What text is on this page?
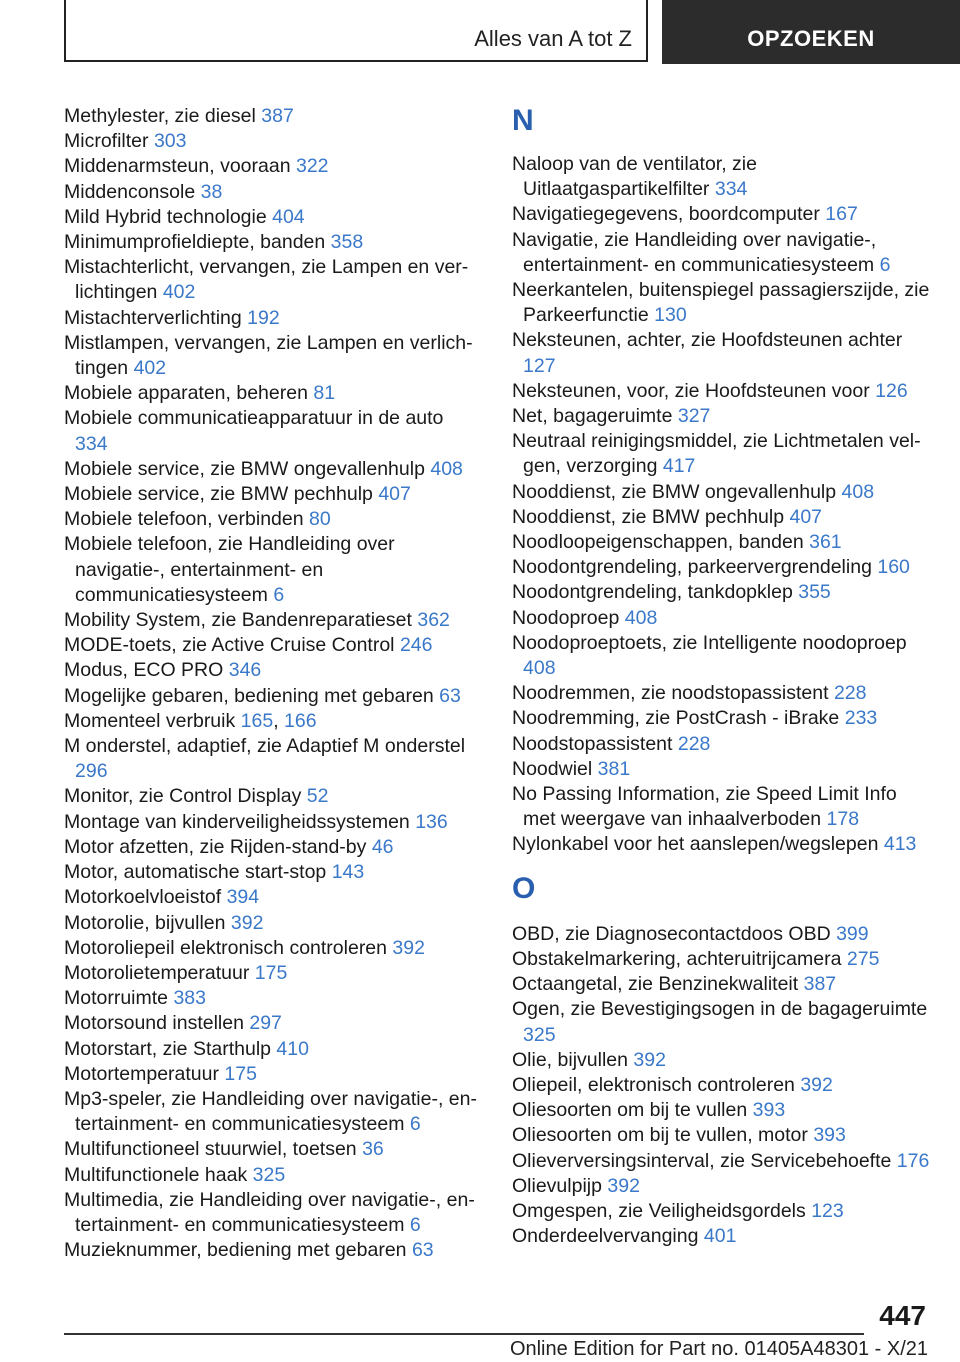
Alles van A tot Z	OPZOEKEN
Methylester, zie diesel 387
Microfilter 303
Middenarmsteun, vooraan 322
Middenconsole 38
Mild Hybrid technologie 404
Minimumprofieldiepte, banden 358
Mistachterlicht, vervangen, zie Lampen en verlichtingen 402
Mistachterverlichting 192
Mistlampen, vervangen, zie Lampen en verlichtingen 402
Mobiele apparaten, beheren 81
Mobiele communicatieapparatuur in de auto 334
Mobiele service, zie BMW ongevallenhulp 408
Mobiele service, zie BMW pechhulp 407
Mobiele telefoon, verbinden 80
Mobiele telefoon, zie Handleiding over navigatie-, entertainment- en communicatiesysteem 6
Mobility System, zie Bandenreparatieset 362
MODE-toets, zie Active Cruise Control 246
Modus, ECO PRO 346
Mogelijke gebaren, bediening met gebaren 63
Momenteel verbruik 165, 166
M onderstel, adaptief, zie Adaptief M onderstel 296
Monitor, zie Control Display 52
Montage van kinderveiligheidssystemen 136
Motor afzetten, zie Rijden-stand-by 46
Motor, automatische start-stop 143
Motorkoelvloeistof 394
Motorolie, bijvullen 392
Motoroliepeil elektronisch controleren 392
Motorolietemperatuur 175
Motorruimte 383
Motorsound instellen 297
Motorstart, zie Starthulp 410
Motortemperatuur 175
Mp3-speler, zie Handleiding over navigatie-, entertainment- en communicatiesysteem 6
Multifunctioneel stuurwiel, toetsen 36
Multifunctionele haak 325
Multimedia, zie Handleiding over navigatie-, entertainment- en communicatiesysteem 6
Muzieknummer, bediening met gebaren 63
N
Naloop van de ventilator, zie Uitlaatgaspartikelfilter 334
Navigatiegegevens, boordcomputer 167
Navigatie, zie Handleiding over navigatie-, entertainment- en communicatiesysteem 6
Neerkantelen, buitenspiegel passagierszijde, zie Parkeerfunctie 130
Neksteunen, achter, zie Hoofdsteunen achter 127
Neksteunen, voor, zie Hoofdsteunen voor 126
Net, bagageruimte 327
Neutraal reinigingsmiddel, zie Lichtmetalen velgen, verzorging 417
Nooddienst, zie BMW ongevallenhulp 408
Nooddienst, zie BMW pechhulp 407
Noodloopeigenschappen, banden 361
Noodontgrendeling, parkeervergrendeling 160
Noodontgrendeling, tankdopklep 355
Noodoproep 408
Noodoproeptoets, zie Intelligente noodoproep 408
Noodremmen, zie noodstopassistent 228
Noodremming, zie PostCrash - iBrake 233
Noodstopassistent 228
Noodwiel 381
No Passing Information, zie Speed Limit Info met weergave van inhaalverboden 178
Nylonkabel voor het aanslepen/wegslepen 413
O
OBD, zie Diagnosecontactdoos OBD 399
Obstakelmarkering, achteruitrijcamera 275
Octaangetal, zie Benzinekwaliteit 387
Ogen, zie Bevestigingsogen in de bagageruimte 325
Olie, bijvullen 392
Oliepeil, elektronisch controleren 392
Oliesoorten om bij te vullen 393
Oliesoorten om bij te vullen, motor 393
Olieverversingsinterval, zie Servicebehoefte 176
Olievulpijp 392
Omgespen, zie Veiligheidsgordels 123
Onderdeelvervanging 401
447
Online Edition for Part no. 01405A48301 - X/21
